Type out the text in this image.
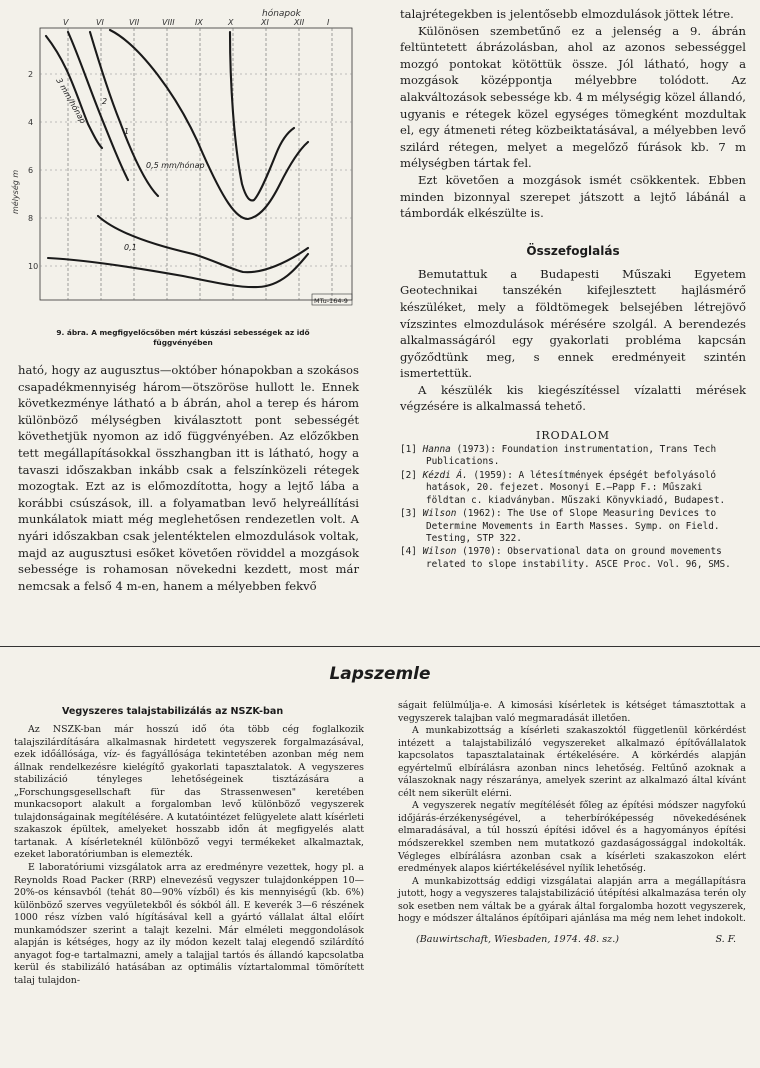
V	VI	VII	VIII	IX	X	XI	XII	I
hónapok
2
4
6
8
10
mélység m
3 mm/hónap 2
1
0,5 mm/hónap
0,1
MTu-164-9
9. ábra. A megfigyelőcsőben mért kúszási sebességek az idő
függvényében

ható, hogy az augusztus—október hónapokban a szokásos csapadékmennyiség három—ötszöröse hullott le. Ennek következménye látható a b ábrán, ahol a terep és három különböző mélységben kiválasztott pont sebességét követhetjük nyomon az idő függvényében. Az előzőkben tett megállapításokkal összhangban itt is látható, hogy a tavaszi időszakban inkább csak a felszínközeli rétegek mozogtak. Ezt az is előmozdította, hogy a lejtő lába a korábbi csúszások, ill. a folyamatban levő helyreállítási munkálatok miatt még meglehetősen rendezetlen volt. A nyári időszakban csak jelentéktelen elmozdulások voltak, majd az augusztusi esőket követően röviddel a mozgások sebessége is rohamosan növekedni kezdett, most már nemcsak a felső 4 m-en, hanem a mélyebben fekvő

talajrétegekben is jelentősebb elmozdulások jöttek létre.

Különösen szembetűnő ez a jelenség a 9. ábrán feltüntetett ábrázolásban, ahol az azonos sebességgel mozgó pontokat kötöttük össze. Jól látható, hogy a mozgások középpontja mélyebbre tolódott. Az alakváltozások sebessége kb. 4 m mélységig közel állandó, ugyanis e rétegek közel egységes tömegként mozdultak el, egy átmeneti réteg közbeiktatásával, a mélyebben levő szilárd rétegen, melyet a megelőző fúrások kb. 7 m mélységben tártak fel.

Ezt követően a mozgások ismét csökkentek. Ebben minden bizonnyal szerepet játszott a lejtő lábánál a támbordák elkészülte is.

Összefoglalás

Bemutattuk a Budapesti Műszaki Egyetem Geotechnikai tanszékén kifejlesztett hajlásmérő készüléket, mely a földtömegek belsejében létrejövő vízszintes elmozdulások mérésére szolgál. A berendezés alkalmasságáról egy gyakorlati probléma kapcsán győződtünk meg, s ennek eredményeit szintén ismertettük.

A készülék kis kiegészítéssel vízalatti mérések végzésére is alkalmassá tehető.

IRODALOM
[1] Hanna (1973): Foundation instrumentation, Trans Tech Publications.
[2] Kézdi Á. (1959): A létesítmények épségét befolyásoló hatások, 20. fejezet. Mosonyi E.—Papp F.: Műszaki földtan c. kiadványban. Műszaki Könyvkiadó, Budapest.
[3] Wilson (1962): The Use of Slope Measuring Devices to Determine Movements in Earth Masses. Symp. on Field. Testing, STP 322.
[4] Wilson (1970): Observational data on ground movements related to slope instability. ASCE Proc. Vol. 96, SMS.
Lapszemle
Vegyszeres talajstabilizálás az NSZK-ban

Az NSZK-ban már hosszú idő óta több cég foglalkozik talajszilárdítására alkalmasnak hirdetett vegyszerek forgalmazásával, ezek időállósága, víz- és fagyállósága tekintetében azonban még nem állnak rendelkezésre kielégítő gyakorlati tapasztalatok. A vegyszeres stabilizáció tényleges lehetőségeinek tisztázására a „Forschungsgesellschaft für das Strassenwesen" keretében munkacsoport alakult a forgalomban levő különböző vegyszerek tulajdonságainak megítélésére. A kutatóintézet felügyelete alatt kísérleti szakaszok épültek, amelyeket hosszabb időn át megfigyelés alatt tartanak. A kísérleteknél különböző vegyi termékeket alkalmaztak, ezeket laboratóriumban is elemezték.

E laboratóriumi vizsgálatok arra az eredményre vezettek, hogy pl. a Reynolds Road Packer (RRP) elnevezésű vegyszer tulajdonképpen 10—20%-os kénsavból (tehát 80—90% vízből) és kis mennyiségű (kb. 6%) különböző szerves vegyületekből és sókból áll. E keverék 3—6 részének 1000 rész vízben való hígításával kell a gyártó vállalat által előírt munkamódszer szerint a talajt kezelni. Már elméleti meggondolások alapján is kétséges, hogy az ily módon kezelt talaj elegendő szilárdító anyagot fog-e tartalmazni, amely a talajjal tartós és állandó kapcsolatba kerül és stabilizáló hatásában az optimális víztartalommal tömörített talaj tulajdon-

ságait felülmúlja-e. A kimosási kísérletek is kétséget támasztottak a vegyszerek talajban való megmaradását illetően.

A munkabizottság a kísérleti szakaszoktól függetlenül körkérdést intézett a talajstabilizáló vegyszereket alkalmazó építővállalatok kapcsolatos tapasztalatainak értékelésére. A körkérdés alapján egyértelmű elbírálásra azonban nincs lehetőség. Feltűnő azoknak a válaszoknak nagy részaránya, amelyek szerint az alkalmazó által kívánt célt nem sikerült elérni.

A vegyszerek negatív megítélését főleg az építési módszer nagyfokú időjárás-érzékenységével, a teherbíróképesség növekedésének elmaradásával, a túl hosszú építési idővel és a hagyományos építési módszerekkel szemben nem mutatkozó gazdaságossággal indokolták. Végleges elbírálásra azonban csak a kísérleti szakaszokon elért eredmények alapos kiértékelésével nyílik lehetőség.

A munkabizottság eddigi vizsgálatai alapján arra a megállapításra jutott, hogy a vegyszeres talajstabilizáció útépítési alkalmazása terén oly sok esetben nem váltak be a gyárak által forgalomba hozott vegyszerek, hogy e módszer általános építőipari ajánlása ma még nem lehet indokolt.

(Bauwirtschaft, Wiesbaden, 1974. 48. sz.)	S. F.
